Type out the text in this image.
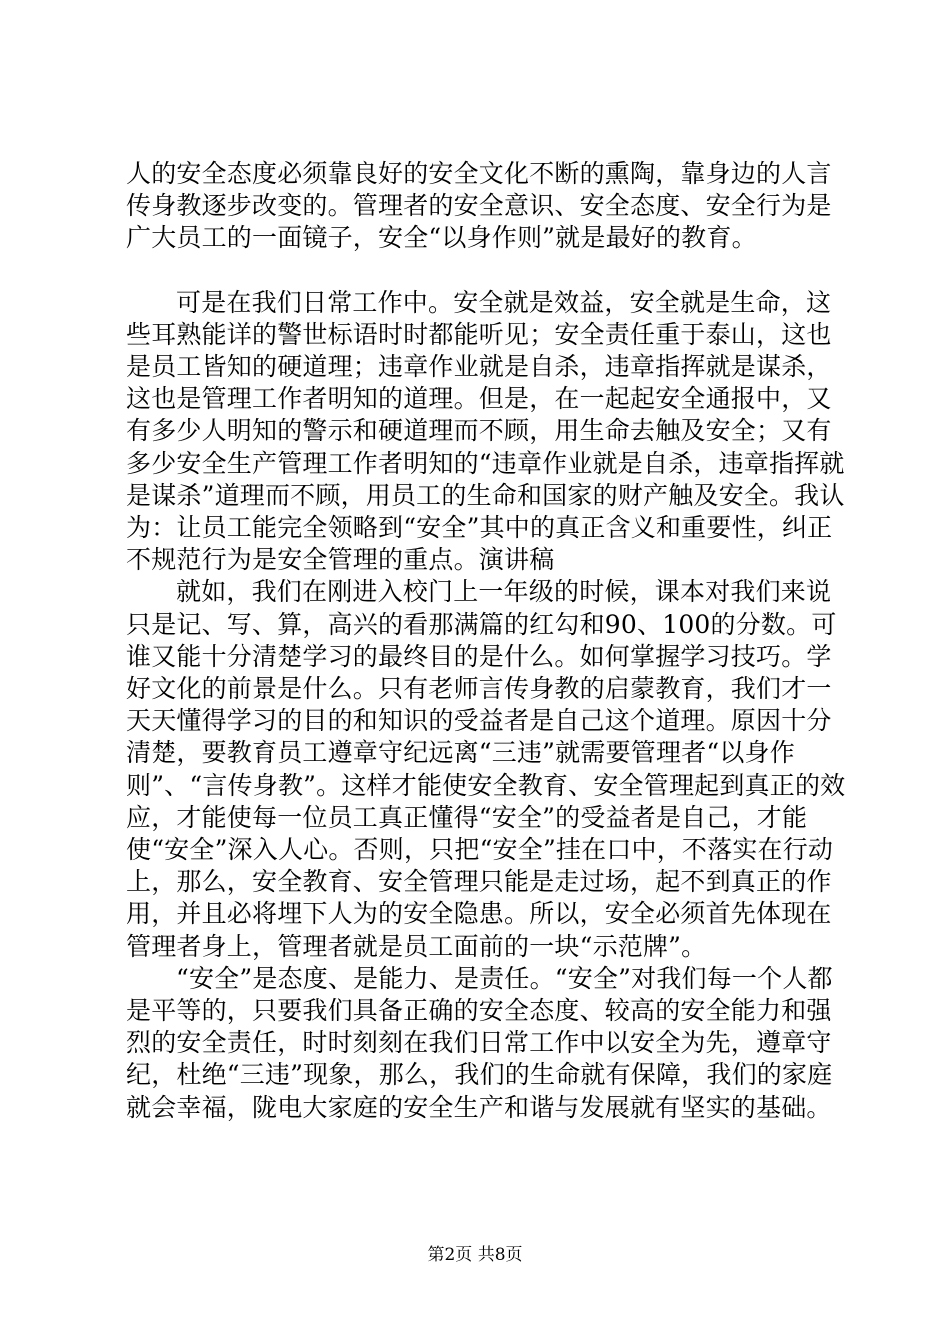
人的安全态度必须靠良好的安全文化不断的熏陶，靠身边的人言传身教逐步改变的。管理者的安全意识、安全态度、安全行为是广大员工的一面镜子，安全“以身作则”就是最好的教育。

可是在我们日常工作中。安全就是效益，安全就是生命，这些耳熟能详的警世标语时时都能听见；安全责任重于泰山，这也是员工皆知的硬道理；违章作业就是自杀，违章指挥就是谋杀，这也是管理工作者明知的道理。但是，在一起起安全通报中，又有多少人明知的警示和硬道理而不顾，用生命去触及安全；又有多少安全生产管理工作者明知的“违章作业就是自杀，违章指挥就是谋杀”道理而不顾，用员工的生命和国家的财产触及安全。我认为：让员工能完全领略到“安全”其中的真正含义和重要性，纠正不规范行为是安全管理的重点。演讲稿

就如，我们在刚进入校门上一年级的时候，课本对我们来说只是记、写、算，高兴的看那满篇的红勾和90、100的分数。可谁又能十分清楚学习的最终目的是什么。如何掌握学习技巧。学好文化的前景是什么。只有老师言传身教的启蒙教育，我们才一天天懂得学习的目的和知识的受益者是自己这个道理。原因十分清楚，要教育员工遵章守纪远离“三违”就需要管理者“以身作则”、“言传身教”。这样才能使安全教育、安全管理起到真正的效应，才能使每一位员工真正懂得“安全”的受益者是自己，才能使“安全”深入人心。否则，只把“安全”挂在口中，不落实在行动上，那么，安全教育、安全管理只能是走过场，起不到真正的作用，并且必将埋下人为的安全隐患。所以，安全必须首先体现在管理者身上，管理者就是员工面前的一块“示范牌”。

“安全”是态度、是能力、是责任。“安全”对我们每一个人都是平等的，只要我们具备正确的安全态度、较高的安全能力和强烈的安全责任，时时刻刻在我们日常工作中以安全为先，遵章守纪，杜绝“三违”现象，那么，我们的生命就有保障，我们的家庭就会幸福，陇电大家庭的安全生产和谐与发展就有坚实的基础。

第2页 共8页
